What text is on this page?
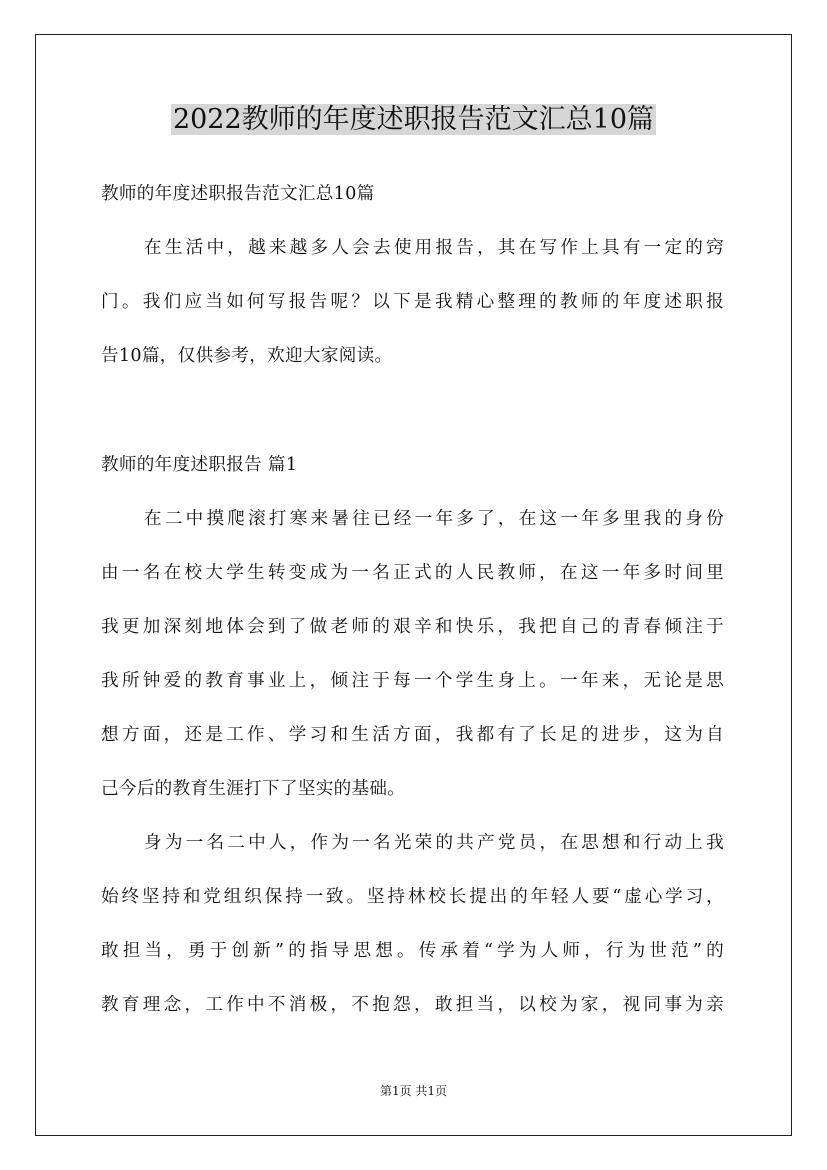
2022教师的年度述职报告范文汇总10篇
教师的年度述职报告范文汇总10篇
在生活中，越来越多人会去使用报告，其在写作上具有一定的窍
门。我们应当如何写报告呢？以下是我精心整理的教师的年度述职报
告10篇，仅供参考，欢迎大家阅读。
教师的年度述职报告 篇1
在二中摸爬滚打寒来暑往已经一年多了，在这一年多里我的身份
由一名在校大学生转变成为一名正式的人民教师，在这一年多时间里
我更加深刻地体会到了做老师的艰辛和快乐，我把自己的青春倾注于
我所钟爱的教育事业上，倾注于每一个学生身上。一年来，无论是思
想方面，还是工作、学习和生活方面，我都有了长足的进步，这为自
己今后的教育生涯打下了坚实的基础。
身为一名二中人，作为一名光荣的共产党员，在思想和行动上我
始终坚持和党组织保持一致。坚持林校长提出的年轻人要“虚心学习，
敢担当，勇于创新”的指导思想。传承着“学为人师，行为世范”的
教育理念，工作中不消极，不抱怨，敢担当，以校为家，视同事为亲
第1页 共1页
